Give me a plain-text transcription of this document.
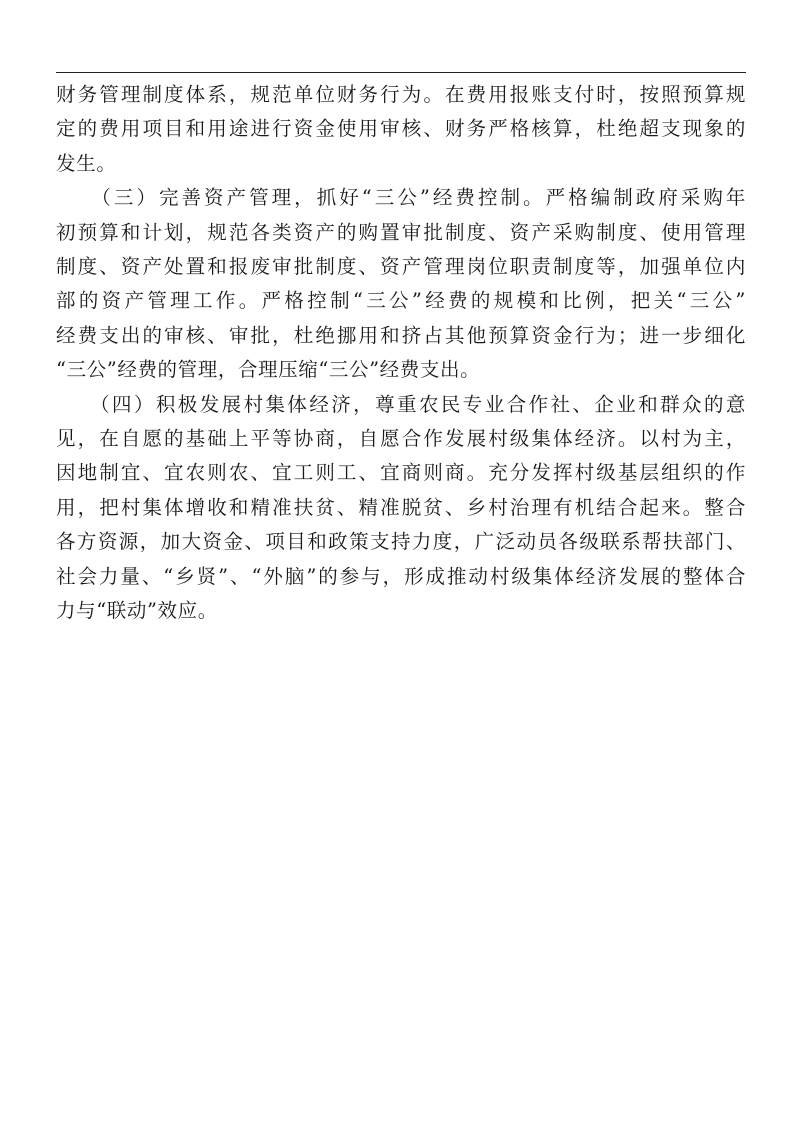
财务管理制度体系，规范单位财务行为。在费用报账支付时，按照预算规
定的费用项目和用途进行资金使用审核、财务严格核算，杜绝超支现象的
发生。

　　（三）完善资产管理，抓好“三公”经费控制。严格编制政府采购年
初预算和计划，规范各类资产的购置审批制度、资产采购制度、使用管理
制度、资产处置和报废审批制度、资产管理岗位职责制度等，加强单位内
部的资产管理工作。严格控制“三公”经费的规模和比例，把关“三公”
经费支出的审核、审批，杜绝挪用和挤占其他预算资金行为；进一步细化
“三公”经费的管理，合理压缩“三公”经费支出。

　　（四）积极发展村集体经济，尊重农民专业合作社、企业和群众的意
见，在自愿的基础上平等协商，自愿合作发展村级集体经济。以村为主，
因地制宜、宜农则农、宜工则工、宜商则商。充分发挥村级基层组织的作
用，把村集体增收和精准扶贫、精准脱贫、乡村治理有机结合起来。整合
各方资源，加大资金、项目和政策支持力度，广泛动员各级联系帮扶部门、
社会力量、“乡贤”、“外脑”的参与，形成推动村级集体经济发展的整体合
力与“联动”效应。
